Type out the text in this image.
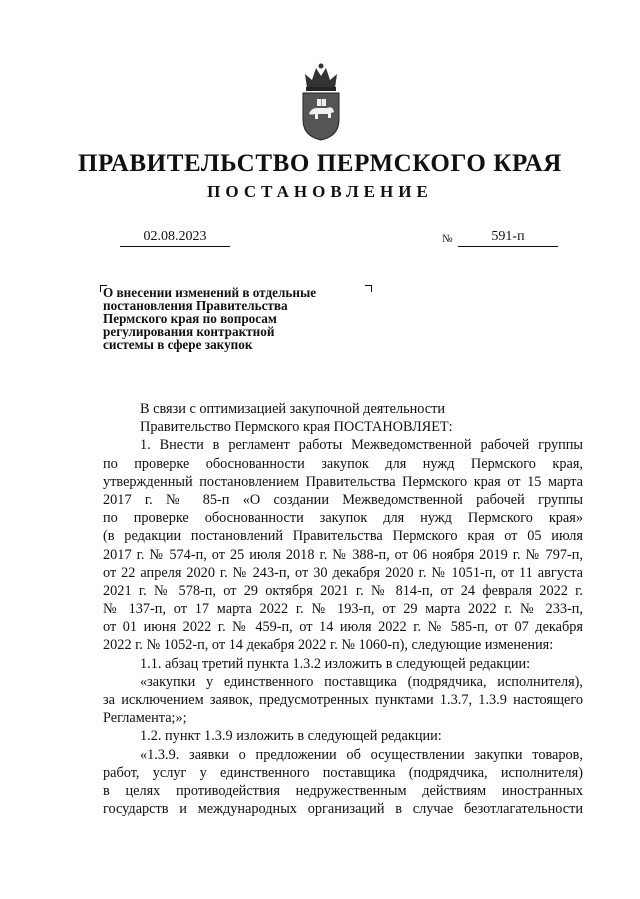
ПРАВИТЕЛЬСТВО ПЕРМСКОГО КРАЯ
ПОСТАНОВЛЕНИЕ
02.08.2023	№	591-п
О внесении изменений в отдельные
постановления Правительства
Пермского края по вопросам
регулирования контрактной
системы в сфере закупок
В связи с оптимизацией закупочной деятельности
Правительство Пермского края ПОСТАНОВЛЯЕТ:
1. Внести в регламент работы Межведомственной рабочей группы
по проверке обоснованности закупок для нужд Пермского края,
утвержденный постановлением Правительства Пермского края от 15 марта
2017 г. № 85-п «О создании Межведомственной рабочей группы
по проверке обоснованности закупок для нужд Пермского края»
(в редакции постановлений Правительства Пермского края от 05 июля
2017 г. № 574-п, от 25 июля 2018 г. № 388-п, от 06 ноября 2019 г. № 797-п,
от 22 апреля 2020 г. № 243-п, от 30 декабря 2020 г. № 1051-п, от 11 августа
2021 г. № 578-п, от 29 октября 2021 г. № 814-п, от 24 февраля 2022 г.
№ 137-п, от 17 марта 2022 г. № 193-п, от 29 марта 2022 г. № 233-п,
от 01 июня 2022 г. № 459-п, от 14 июля 2022 г. № 585-п, от 07 декабря
2022 г. № 1052-п, от 14 декабря 2022 г. № 1060-п), следующие изменения:
1.1. абзац третий пункта 1.3.2 изложить в следующей редакции:
«закупки у единственного поставщика (подрядчика, исполнителя),
за исключением заявок, предусмотренных пунктами 1.3.7, 1.3.9 настоящего
Регламента;»;
1.2. пункт 1.3.9 изложить в следующей редакции:
«1.3.9. заявки о предложении об осуществлении закупки товаров,
работ, услуг у единственного поставщика (подрядчика, исполнителя)
в целях противодействия недружественным действиям иностранных
государств и международных организаций в случае безотлагательности
